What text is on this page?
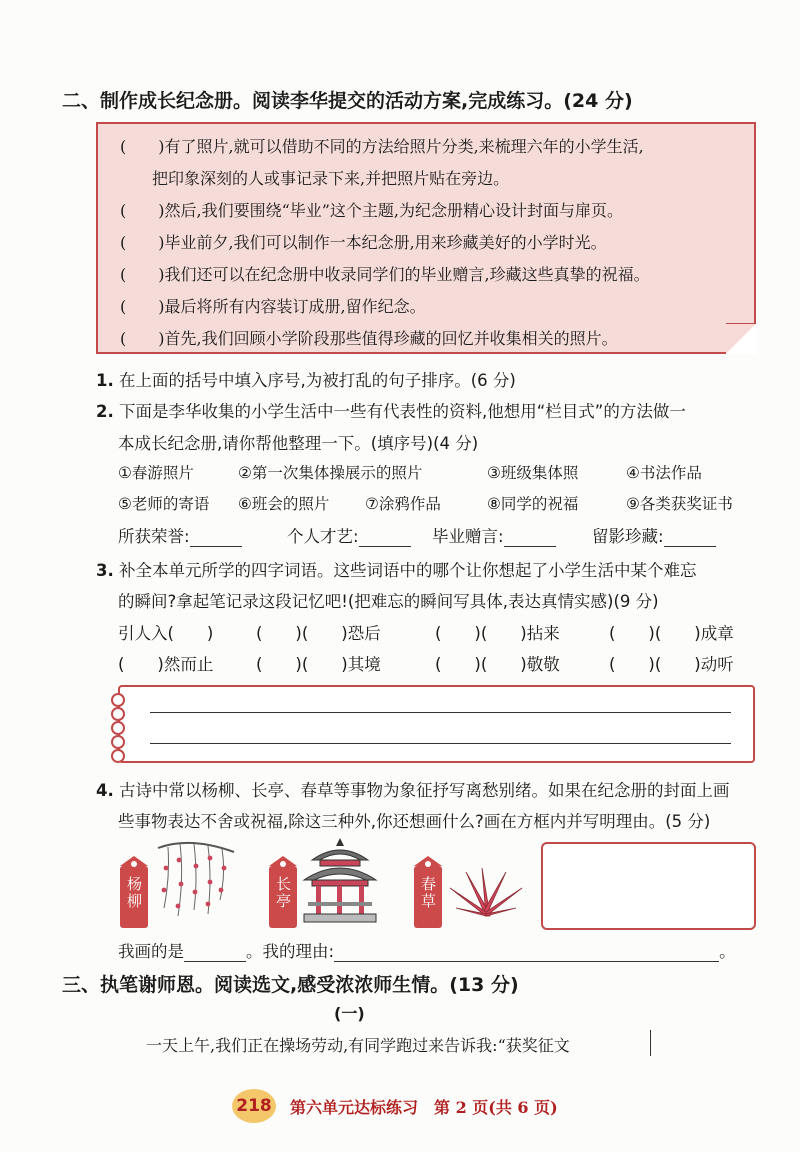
二、制作成长纪念册。阅读李华提交的活动方案,完成练习。(24 分)
(　　)有了照片,就可以借助不同的方法给照片分类,来梳理六年的小学生活,
　　把印象深刻的人或事记录下来,并把照片贴在旁边。
(　　)然后,我们要围绕“毕业”这个主题,为纪念册精心设计封面与扉页。
(　　)毕业前夕,我们可以制作一本纪念册,用来珍藏美好的小学时光。
(　　)我们还可以在纪念册中收录同学们的毕业赠言,珍藏这些真挚的祝福。
(　　)最后将所有内容装订成册,留作纪念。
(　　)首先,我们回顾小学阶段那些值得珍藏的回忆并收集相关的照片。
1. 在上面的括号中填入序号,为被打乱的句子排序。(6 分)
2. 下面是李华收集的小学生活中一些有代表性的资料,他想用“栏目式”的方法做一
本成长纪念册,请你帮他整理一下。(填序号)(4 分)
①春游照片	②第一次集体操展示的照片	③班级集体照	④书法作品
⑤老师的寄语 ⑥班会的照片 ⑦涂鸦作品	⑧同学的祝福	⑨各类获奖证书
所获荣誉:	个人才艺:	毕业赠言:	留影珍藏:
3. 补全本单元所学的四字词语。这些词语中的哪个让你想起了小学生活中某个难忘
的瞬间?拿起笔记录这段记忆吧!(把难忘的瞬间写具体,表达真情实感)(9 分)
引人入(　　)	(　　)(　　)恐后	(　　)(　　)拈来	(　　)(　　)成章
(　　)然而止	(　　)(　　)其境	(　　)(　　)敬敬	(　　)(　　)动听
4. 古诗中常以杨柳、长亭、春草等事物为象征抒写离愁别绪。如果在纪念册的封面上画
些事物表达不舍或祝福,除这三种外,你还想画什么?画在方框内并写明理由。(5 分)
杨柳	长亭	春草
我画的是	。我的理由:	。
三、执笔谢师恩。阅读选文,感受浓浓师生情。(13 分)
(一)
一天上午,我们正在操场劳动,有同学跑过来告诉我:“获奖征文
218 第六单元达标练习　第 2 页(共 6 页)
